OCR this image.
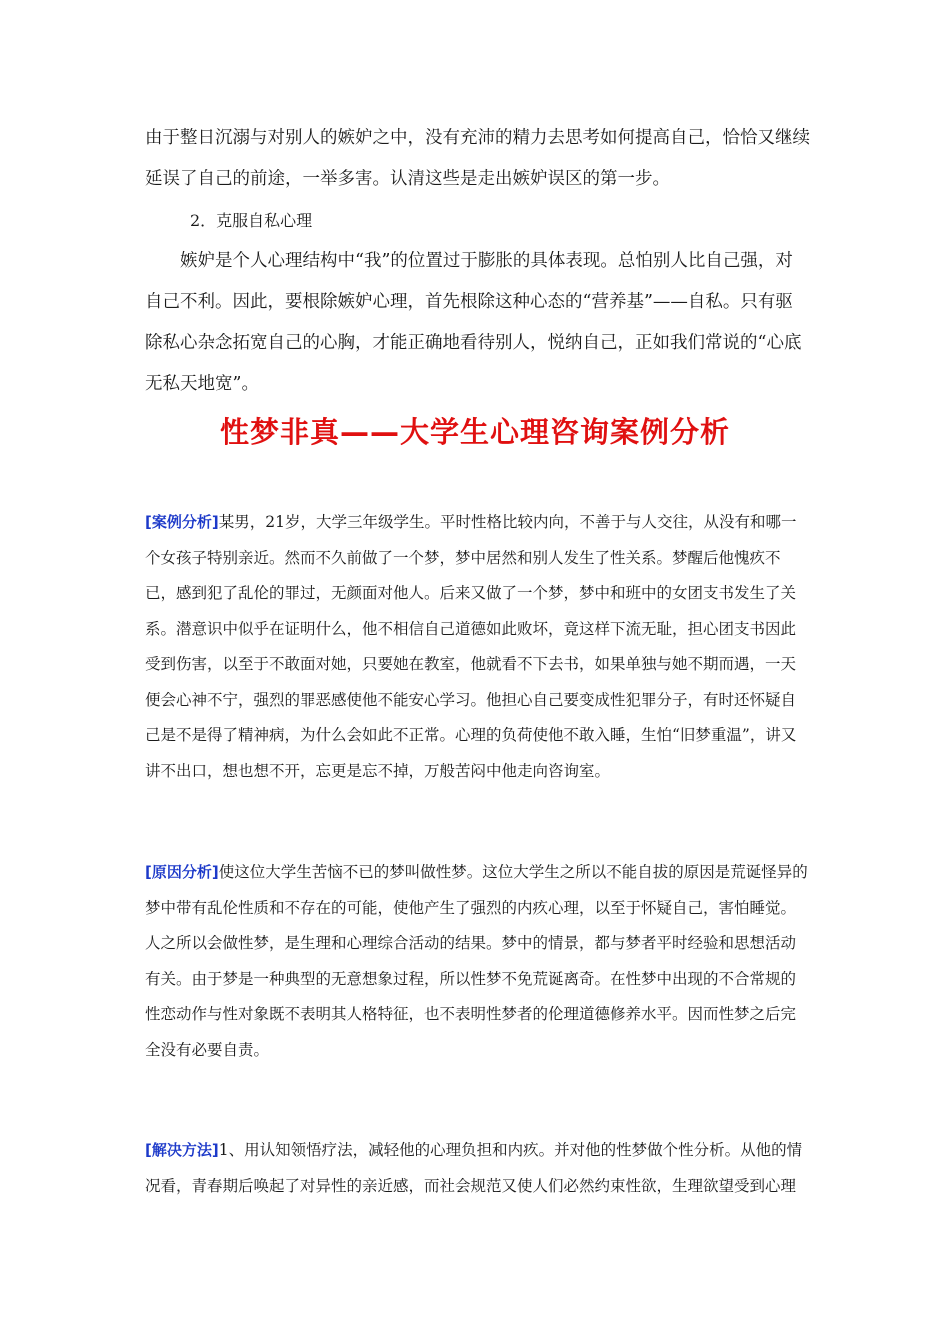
由于整日沉溺与对别人的嫉妒之中，没有充沛的精力去思考如何提高自己，恰恰又继续延误了自己的前途，一举多害。认清这些是走出嫉妒误区的第一步。

2．克服自私心理

嫉妒是个人心理结构中“我”的位置过于膨胀的具体表现。总怕别人比自己强，对自己不利。因此，要根除嫉妒心理，首先根除这种心态的“营养基”——自私。只有驱除私心杂念拓宽自己的心胸，才能正确地看待别人，悦纳自己，正如我们常说的“心底无私天地宽”。

性梦非真——大学生心理咨询案例分析

[案例分析]某男，21岁，大学三年级学生。平时性格比较内向，不善于与人交往，从没有和哪一个女孩子特别亲近。然而不久前做了一个梦，梦中居然和别人发生了性关系。梦醒后他愧疚不已，感到犯了乱伦的罪过，无颜面对他人。后来又做了一个梦，梦中和班中的女团支书发生了关系。潜意识中似乎在证明什么，他不相信自己道德如此败坏，竟这样下流无耻，担心团支书因此受到伤害，以至于不敢面对她，只要她在教室，他就看不下去书，如果单独与她不期而遇，一天便会心神不宁，强烈的罪恶感使他不能安心学习。他担心自己要变成性犯罪分子，有时还怀疑自己是不是得了精神病，为什么会如此不正常。心理的负荷使他不敢入睡，生怕“旧梦重温”，讲又讲不出口，想也想不开，忘更是忘不掉，万般苦闷中他走向咨询室。

[原因分析]使这位大学生苦恼不已的梦叫做性梦。这位大学生之所以不能自拔的原因是荒诞怪异的梦中带有乱伦性质和不存在的可能，使他产生了强烈的内疚心理，以至于怀疑自己，害怕睡觉。人之所以会做性梦，是生理和心理综合活动的结果。梦中的情景，都与梦者平时经验和思想活动有关。由于梦是一种典型的无意想象过程，所以性梦不免荒诞离奇。在性梦中出现的不合常规的性恋动作与性对象既不表明其人格特征，也不表明性梦者的伦理道德修养水平。因而性梦之后完全没有必要自责。

[解决方法]1、用认知领悟疗法，减轻他的心理负担和内疚。并对他的性梦做个性分析。从他的情况看，青春期后唤起了对异性的亲近感，而社会规范又使人们必然约束性欲，生理欲望受到心理
